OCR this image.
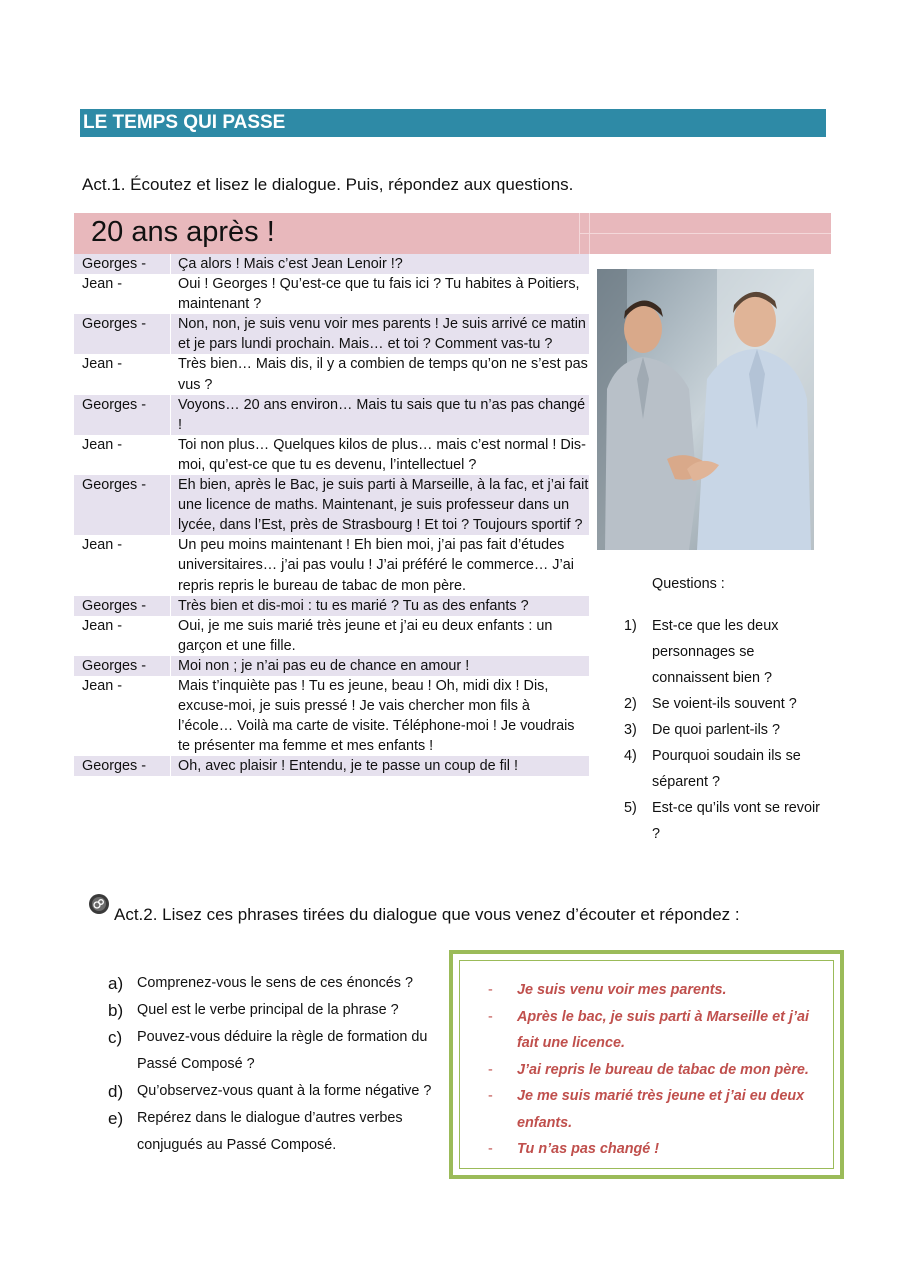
LE TEMPS QUI PASSE
Act.1. Écoutez et lisez le dialogue. Puis, répondez aux questions.
20 ans après !
Georges -	Ça alors ! Mais c’est Jean Lenoir !?
Jean -	Oui ! Georges ! Qu’est-ce que tu fais ici ? Tu habites à Poitiers, maintenant ?
Georges -	Non, non, je suis venu voir mes parents ! Je suis arrivé ce matin et je pars lundi prochain. Mais… et toi ? Comment vas-tu ?
Jean -	Très bien… Mais dis, il y a combien de temps qu’on ne s’est pas vus ?
Georges -	Voyons… 20 ans environ… Mais tu sais que tu n’as pas changé !
Jean -	Toi non plus… Quelques kilos de plus… mais c’est normal ! Dis-moi, qu’est-ce que tu es devenu, l’intellectuel ?
Georges -	Eh bien, après le Bac, je suis parti à Marseille, à la fac, et j’ai fait une licence de maths. Maintenant, je suis professeur dans un lycée, dans l’Est, près de Strasbourg ! Et toi ? Toujours sportif ?
Jean -	Un peu moins maintenant ! Eh bien moi, j’ai pas fait d’études universitaires… j’ai pas voulu ! J’ai préféré le commerce… J’ai repris repris le bureau de tabac de mon père.
Georges -	Très bien et dis-moi : tu es marié ? Tu as des enfants ?
Jean -	Oui, je me suis marié très jeune et j’ai eu deux enfants : un garçon et une fille.
Georges -	Moi non ; je n’ai pas eu de chance en amour !
Jean -	Mais t’inquiète pas ! Tu es jeune, beau ! Oh, midi dix ! Dis, excuse-moi, je suis pressé ! Je vais chercher mon fils à l’école… Voilà ma carte de visite. Téléphone-moi ! Je voudrais te présenter ma femme et mes enfants !
Georges -	Oh, avec plaisir ! Entendu, je te passe un coup de fil !
Questions :
1)	Est-ce que les deux personnages se connaissent bien ?
2)	Se voient-ils souvent ?
3)	De quoi parlent-ils ?
4)	Pourquoi soudain ils se séparent ?
5)	Est-ce qu’ils vont se revoir ?
Act.2. Lisez ces phrases tirées du dialogue que vous venez d’écouter et répondez :
a) Comprenez-vous le sens de ces énoncés ?
b) Quel est le verbe principal de la phrase ?
c)	Pouvez-vous déduire la règle de formation du Passé Composé ?
d) Qu’observez-vous quant à la forme négative ?
e) Repérez dans le dialogue d’autres verbes conjugués au Passé Composé.
-	Je suis venu voir mes parents.
-	Après le bac, je suis parti à Marseille et j’ai fait une licence.
-	J’ai repris le bureau de tabac de mon père.
-	Je me suis marié très jeune et j’ai eu deux enfants.
-	Tu n’as pas changé !
